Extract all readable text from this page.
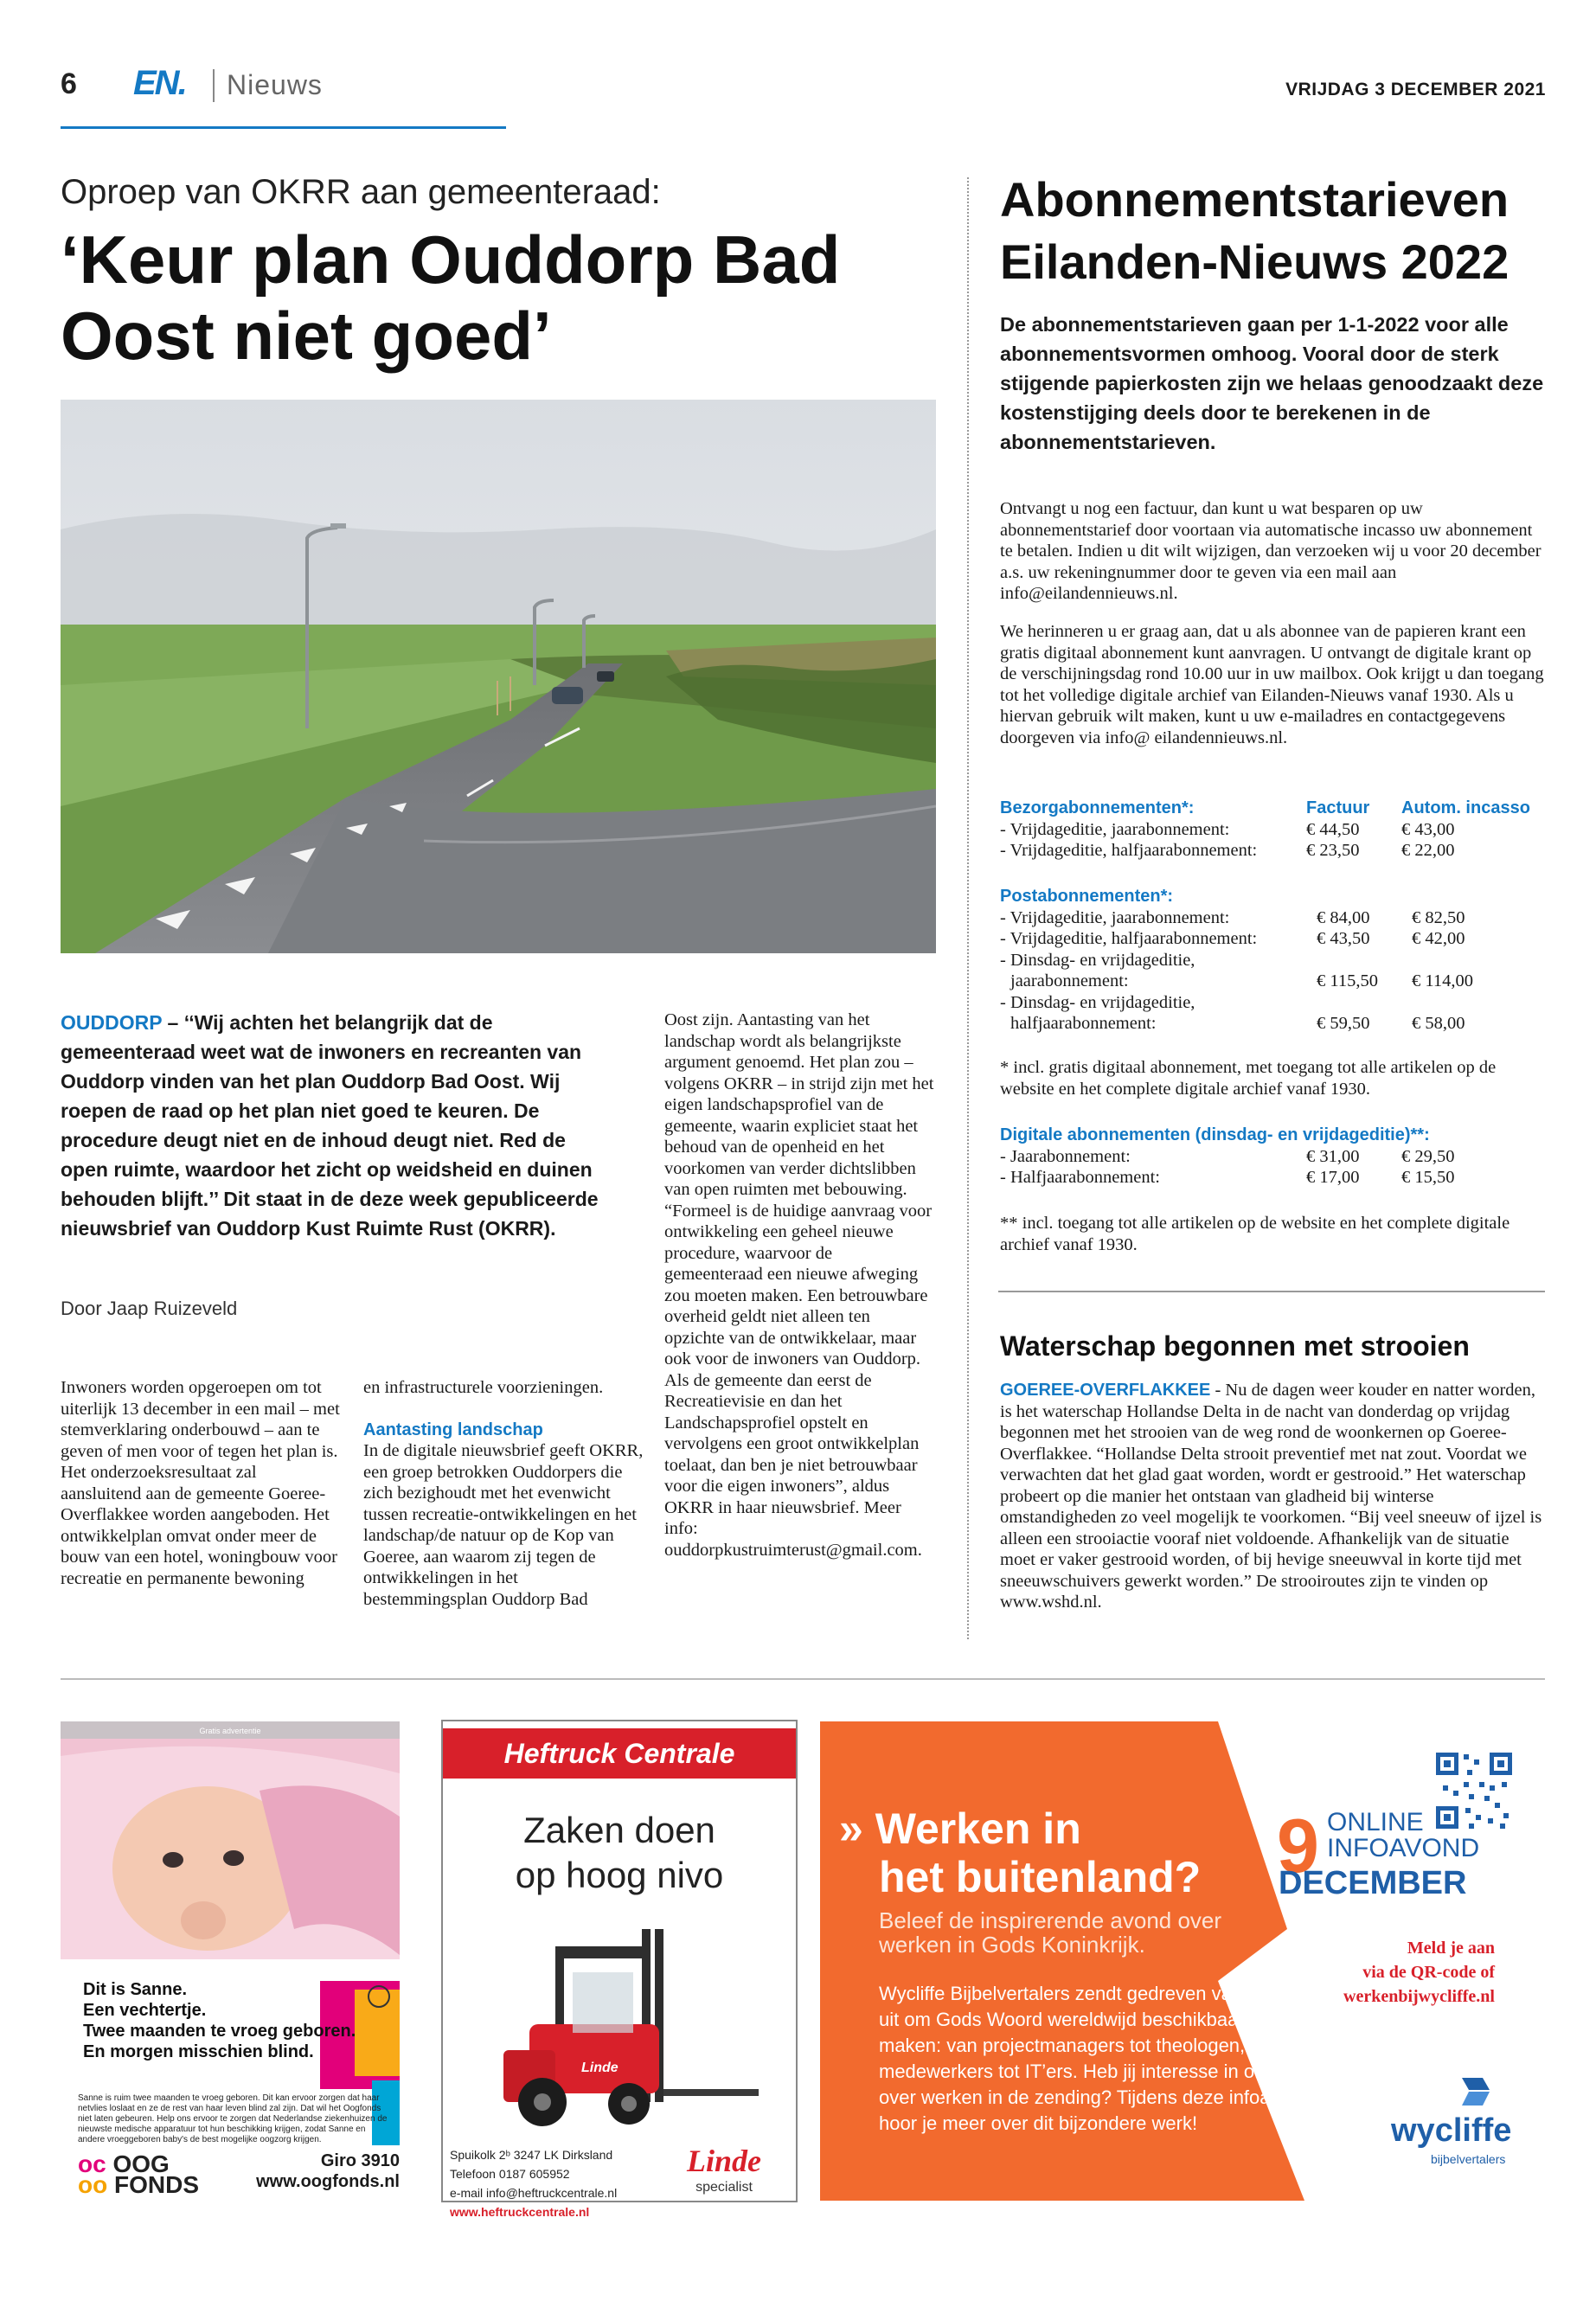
6 EN. Nieuws	VRIJDAG 3 DECEMBER 2021
Oproep van OKRR aan gemeenteraad:
‘Keur plan Ouddorp Bad Oost niet goed’
OUDDORP – ‘‘Wij achten het belangrijk dat de gemeenteraad weet wat de inwoners en recreanten van Ouddorp vinden van het plan Ouddorp Bad Oost. Wij roepen de raad op het plan niet goed te keuren. De procedure deugt niet en de inhoud deugt niet. Red de open ruimte, waardoor het zicht op weidsheid en duinen behouden blijft.’’ Dit staat in de deze week gepubliceerde nieuwsbrief van Ouddorp Kust Ruimte Rust (OKRR).
Door Jaap Ruizeveld
Inwoners worden opgeroepen om tot uiterlijk 13 december in een mail – met stemverklaring onderbouwd – aan te geven of men voor of tegen het plan is. Het onderzoeksresultaat zal aansluitend aan de gemeente Goeree-Overflakkee worden aangeboden. Het ontwikkelplan omvat onder meer de bouw van een hotel, woningbouw voor recreatie en permanente bewoning
en infrastructurele voorzieningen.
Aantasting landschap
In de digitale nieuwsbrief geeft OKRR, een groep betrokken Ouddorpers die zich bezighoudt met het evenwicht tussen recreatie-ontwikkelingen en het landschap/de natuur op de Kop van Goeree, aan waarom zij tegen de ontwikkelingen in het bestemmingsplan Ouddorp Bad
Oost zijn. Aantasting van het landschap wordt als belangrijkste argument genoemd. Het plan zou – volgens OKRR – in strijd zijn met het eigen landschapsprofiel van de gemeente, waarin expliciet staat het behoud van de openheid en het voorkomen van verder dichtslibben van open ruimten met bebouwing. “Formeel is de huidige aanvraag voor ontwikkeling een geheel nieuwe procedure, waarvoor de gemeenteraad een nieuwe afweging zou moeten maken. Een betrouwbare overheid geldt niet alleen ten opzichte van de ontwikkelaar, maar ook voor de inwoners van Ouddorp. Als de gemeente dan eerst de Recreatievisie en dan het Landschapsprofiel opstelt en vervolgens een groot ontwikkelplan toelaat, dan ben je niet betrouwbaar voor die eigen inwoners”, aldus OKRR in haar nieuwsbrief. Meer info: ouddorpkustruimterust@gmail.com.
Abonnementstarieven
Eilanden-Nieuws 2022
De abonnementstarieven gaan per 1-1-2022 voor alle abonnementsvormen omhoog. Vooral door de sterk stijgende papierkosten zijn we helaas genoodzaakt deze kostenstijging deels door te berekenen in de abonnementstarieven.
Ontvangt u nog een factuur, dan kunt u wat besparen op uw abonnementstarief door voortaan via automatische incasso uw abonnement te betalen. Indien u dit wilt wijzigen, dan verzoeken wij u voor 20 december a.s. uw rekeningnummer door te geven via een mail aan info@eilandennieuws.nl.
We herinneren u er graag aan, dat u als abonnee van de papieren krant een gratis digitaal abonnement kunt aanvragen. U ontvangt de digitale krant op de verschijningsdag rond 10.00 uur in uw mailbox. Ook krijgt u dan toegang tot het volledige digitale archief van Eilanden-Nieuws vanaf 1930. Als u hiervan gebruik wilt maken, kunt u uw e-mailadres en contactgegevens doorgeven via info@ eilandennieuws.nl.
Bezorgabonnementen*:	Factuur	Autom. incasso
- Vrijdageditie, jaarabonnement:	€ 44,50	€ 43,00
- Vrijdageditie, halfjaarabonnement:	€ 23,50	€ 22,00
Postabonnementen*:		
- Vrijdageditie, jaarabonnement:	€ 84,00	€ 82,50
- Vrijdageditie, halfjaarabonnement:	€ 43,50	€ 42,00
- Dinsdag- en vrijdageditie,		
jaarabonnement:	€ 115,50	€ 114,00
- Dinsdag- en vrijdageditie,		
halfjaarabonnement:	€ 59,50	€ 58,00
* incl. gratis digitaal abonnement, met toegang tot alle artikelen op de website en het complete digitale archief vanaf 1930.
Digitale abonnementen (dinsdag- en vrijdageditie)**:		
- Jaarabonnement:	€ 31,00	€ 29,50
- Halfjaarabonnement:	€ 17,00	€ 15,50
** incl. toegang tot alle artikelen op de website en het complete digitale archief vanaf 1930.
Waterschap begonnen met strooien
GOEREE-OVERFLAKKEE - Nu de dagen weer kouder en natter worden, is het waterschap Hollandse Delta in de nacht van donderdag op vrijdag begonnen met het strooien van de weg rond de woonkernen op Goeree-Overflakkee. “Hollandse Delta strooit preventief met nat zout. Voordat we verwachten dat het glad gaat worden, wordt er gestrooid.” Het waterschap probeert op die manier het ontstaan van gladheid bij winterse omstandigheden zo veel mogelijk te voorkomen. “Bij veel sneeuw of ijzel is alleen een strooiactie vooraf niet voldoende. Afhankelijk van de situatie moet er vaker gestrooid worden, of bij hevige sneeuwval in korte tijd met sneeuwschuivers gewerkt worden.” De strooiroutes zijn te vinden op www.wshd.nl.
Gratis advertentie
Dit is Sanne.
Een vechtertje.
Twee maanden te vroeg geboren.
En morgen misschien blind.
Sanne is ruim twee maanden te vroeg geboren. Dit kan ervoor zorgen dat haar netvlies loslaat en ze de rest van haar leven blind zal zijn. Dat wil het Oogfonds niet laten gebeuren. Help ons ervoor te zorgen dat Nederlandse ziekenhuizen de nieuwste medische apparatuur tot hun beschikking krijgen, zodat Sanne en andere vroeggeboren baby's de best mogelijke oogzorg krijgen.
oc OOG
oo FONDS
Giro 3910
www.oogfonds.nl
Heftruck Centrale
Zaken doen
op hoog nivo
Linde
Spuikolk 2ᵇ 3247 LK Dirksland
Telefoon 0187 605952
e-mail info@heftruckcentrale.nl
www.heftruckcentrale.nl
Linde
specialist
» Werken in
het buitenland?
Beleef de inspirerende avond over werken in Gods Koninkrijk.
Wycliffe Bijbelvertalers zendt gedreven vakmensen uit om Gods Woord wereldwijd beschikbaar te maken: van projectmanagers tot theologen, van HR-medewerkers tot IT’ers. Heb jij interesse in of vragen over werken in de zending? Tijdens deze infoavond hoor je meer over dit bijzondere werk!
9 ONLINE
INFOAVOND
DECEMBER
Meld je aan
via de QR-code of
werkenbijwycliffe.nl
wycliffe
bijbelvertalers
